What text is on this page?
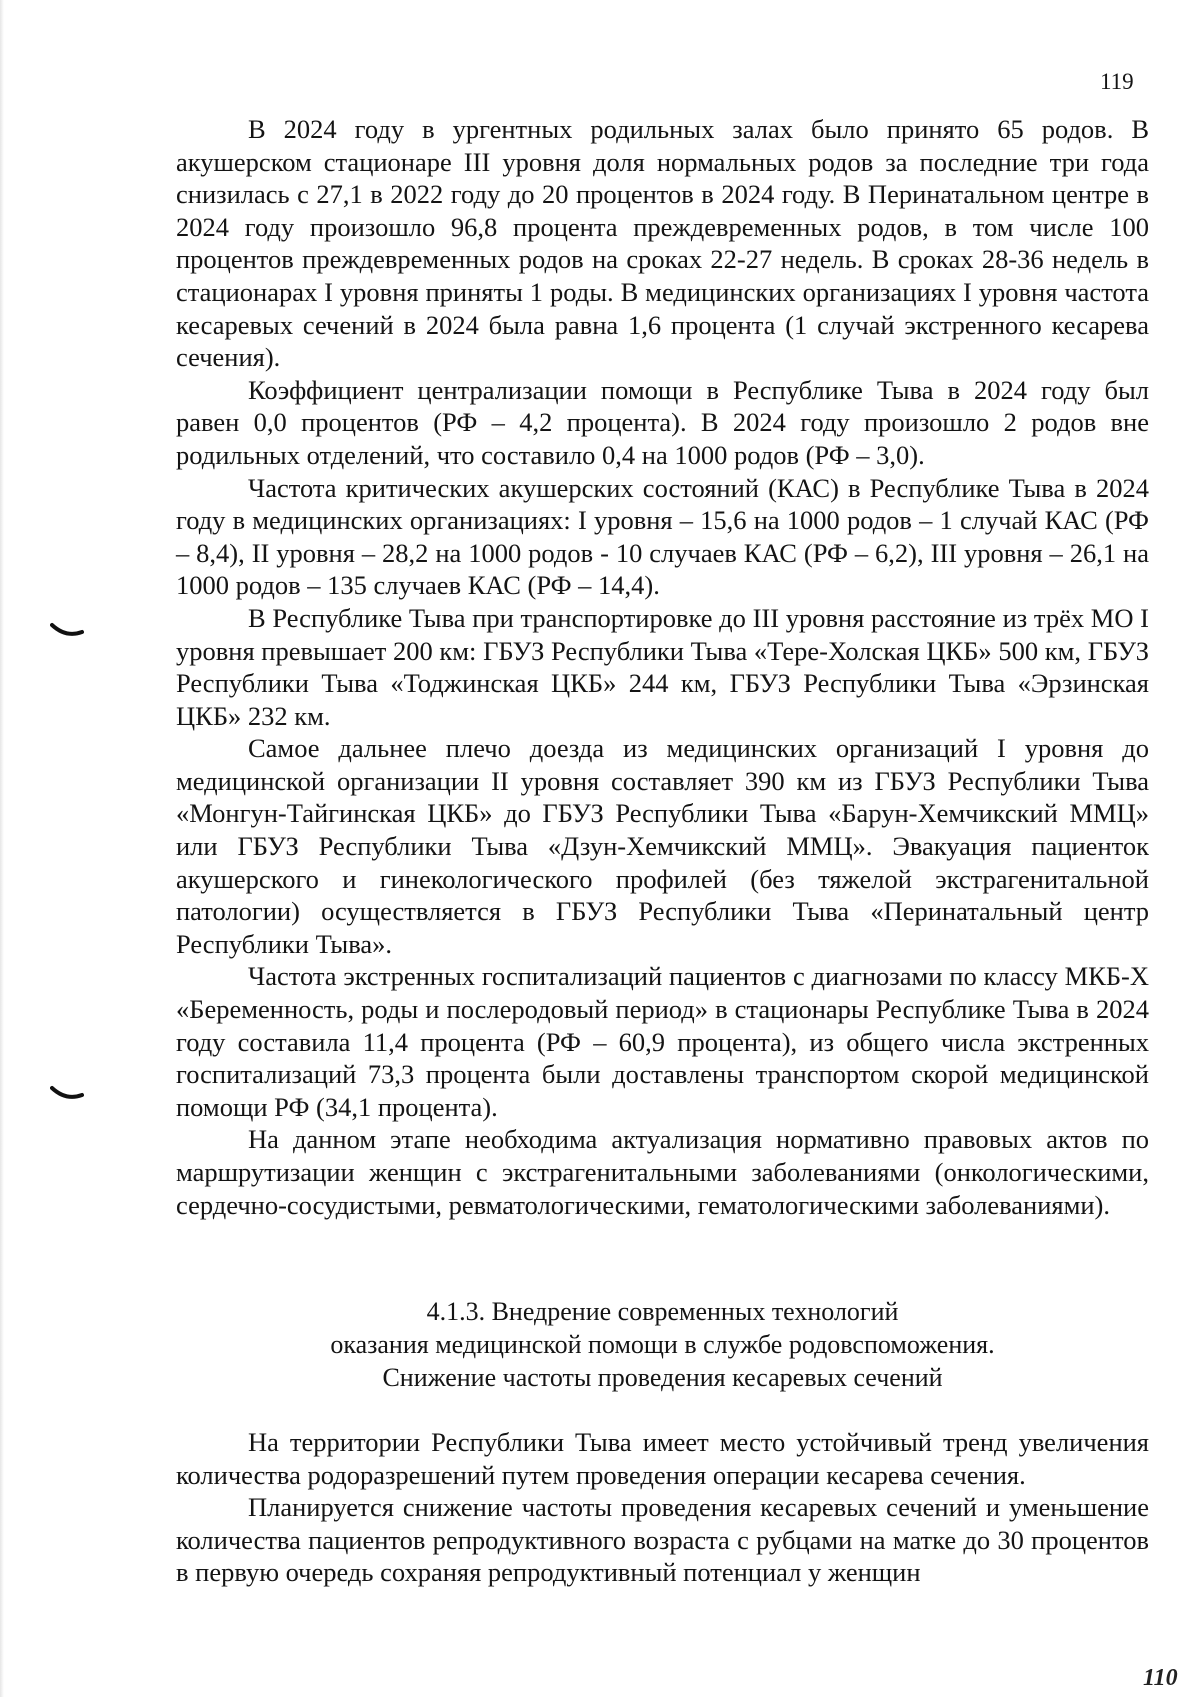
119

В 2024 году в ургентных родильных залах было принято 65 родов. В акушерском стационаре III уровня доля нормальных родов за последние три года снизилась с 27,1 в 2022 году до 20 процентов в 2024 году. В Перинатальном центре в 2024 году произошло 96,8 процента преждевременных родов, в том числе 100 процентов преждевременных родов на сроках 22-27 недель. В сроках 28-36 недель в стационарах I уровня приняты 1 роды. В медицинских организациях I уровня частота кесаревых сечений в 2024 была равна 1,6 процента (1 случай экстренного кесарева сечения).

Коэффициент централизации помощи в Республике Тыва в 2024 году был равен 0,0 процентов (РФ – 4,2 процента). В 2024 году произошло 2 родов вне родильных отделений, что составило 0,4 на 1000 родов (РФ – 3,0).

Частота критических акушерских состояний (КАС) в Республике Тыва в 2024 году в медицинских организациях: I уровня – 15,6 на 1000 родов – 1 случай КАС (РФ – 8,4), II уровня – 28,2 на 1000 родов - 10 случаев КАС (РФ – 6,2), III уровня – 26,1 на 1000 родов – 135 случаев КАС (РФ – 14,4).

В Республике Тыва при транспортировке до III уровня расстояние из трёх МО I уровня превышает 200 км: ГБУЗ Республики Тыва «Тере-Холская ЦКБ» 500 км, ГБУЗ Республики Тыва «Тоджинская ЦКБ» 244 км, ГБУЗ Республики Тыва «Эрзинская ЦКБ» 232 км.

Самое дальнее плечо доезда из медицинских организаций I уровня до медицинской организации II уровня составляет 390 км из ГБУЗ Республики Тыва «Монгун-Тайгинская ЦКБ» до ГБУЗ Республики Тыва «Барун-Хемчикский ММЦ» или ГБУЗ Республики Тыва «Дзун-Хемчикский ММЦ». Эвакуация пациенток акушерского и гинекологического профилей (без тяжелой экстрагенитальной патологии) осуществляется в ГБУЗ Республики Тыва «Перинатальный центр Республики Тыва».

Частота экстренных госпитализаций пациентов с диагнозами по классу МКБ-Х «Беременность, роды и послеродовый период» в стационары Республике Тыва в 2024 году составила 11,4 процента (РФ – 60,9 процента), из общего числа экстренных госпитализаций 73,3 процента были доставлены транспортом скорой медицинской помощи РФ (34,1 процента).

На данном этапе необходима актуализация нормативно правовых актов по маршрутизации женщин с экстрагенитальными заболеваниями (онкологическими, сердечно-сосудистыми, ревматологическими, гематологическими заболеваниями).

4.1.3. Внедрение современных технологий
оказания медицинской помощи в службе родовспоможения.
Снижение частоты проведения кесаревых сечений

На территории Республики Тыва имеет место устойчивый тренд увеличения количества родоразрешений путем проведения операции кесарева сечения.

Планируется снижение частоты проведения кесаревых сечений и уменьшение количества пациентов репродуктивного возраста с рубцами на матке до 30 процентов в первую очередь сохраняя репродуктивный потенциал у женщин

110
